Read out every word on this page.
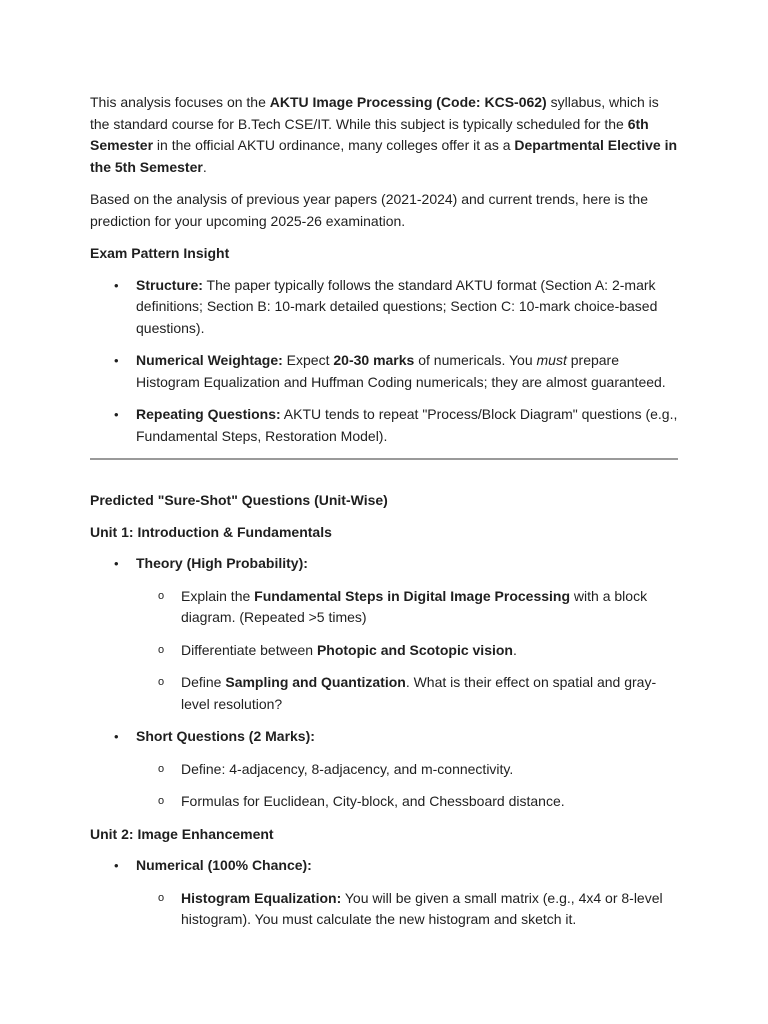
This analysis focuses on the AKTU Image Processing (Code: KCS-062) syllabus, which is the standard course for B.Tech CSE/IT. While this subject is typically scheduled for the 6th Semester in the official AKTU ordinance, many colleges offer it as a Departmental Elective in the 5th Semester.

Based on the analysis of previous year papers (2021-2024) and current trends, here is the prediction for your upcoming 2025-26 examination.

Exam Pattern Insight

• Structure: The paper typically follows the standard AKTU format (Section A: 2-mark definitions; Section B: 10-mark detailed questions; Section C: 10-mark choice-based questions).
• Numerical Weightage: Expect 20-30 marks of numericals. You must prepare Histogram Equalization and Huffman Coding numericals; they are almost guaranteed.
• Repeating Questions: AKTU tends to repeat "Process/Block Diagram" questions (e.g., Fundamental Steps, Restoration Model).

Predicted "Sure-Shot" Questions (Unit-Wise)

Unit 1: Introduction & Fundamentals

• Theory (High Probability):
o Explain the Fundamental Steps in Digital Image Processing with a block diagram. (Repeated >5 times)
o Differentiate between Photopic and Scotopic vision.
o Define Sampling and Quantization. What is their effect on spatial and gray-level resolution?
• Short Questions (2 Marks):
o Define: 4-adjacency, 8-adjacency, and m-connectivity.
o Formulas for Euclidean, City-block, and Chessboard distance.

Unit 2: Image Enhancement

• Numerical (100% Chance):
o Histogram Equalization: You will be given a small matrix (e.g., 4x4 or 8-level histogram). You must calculate the new histogram and sketch it.
